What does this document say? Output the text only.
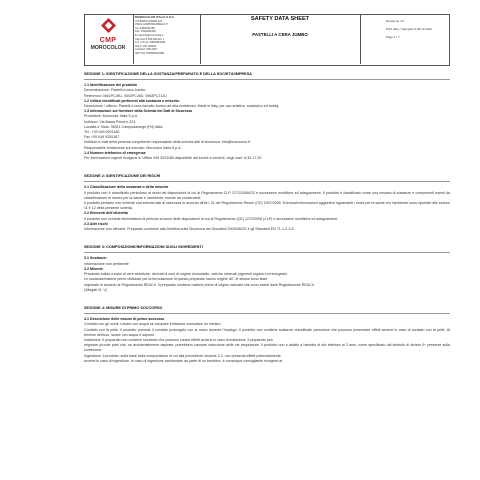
CMP
MOROCOLOR
MOROCOLOR ITALIA S.P.A.
VIA BARSA PRIMA 224
35011 CAMPODARSEGO P
Tel. 049/9201180
Fax. 049/9200187
E-mail:info@morocolor.it
Cap.Soc.€ 500.000,00 i.v.
C.F. e P.Iva: 00852910280
R.E.A. PD 184204
Cod.Eori: PD11367
VAT/TVA IT00852910280
SAFETY DATA SHEET
PASTELLI A CERA JUMBO
Revisione n.0
Print date / stampato 2.06.12.2021
Page 1 / 7
SEZIONE 1: IDENTIFICAZIONE DELLA SOSTANZA/PREPARATO E DELLA SOCIETÀ/IMPRESA
1.1 Identificazione del prodotto
Denominazione: Pastelli a cera Jumbo
Referenza: 0461PCJ6U, 0602PCJ6U, 0963PCJ12U
1.2 Utilizzi identificati pertinenti alla sostanza o miscela:
Descrizione / utilizzo: Pastelli a cera formato Jumbo,ad alta resistenza. Made in Italy, per uso artistico, scolastico ed hobby
1.3 Informazioni sul fornitore della Scheda dei Dati di Sicurezza
Produttore: Morocolor Italia S.p.A.
Indirizzo: Via Barsa Prima n.224
Località e Stato: 35011 Campodarsego (Pd) Italia
Tel.: +39 049 9201180
Fax +39 049 9200187
Indirizzo e-mail della persona competente responsabile della scheda dati di sicurezza: info@morocolor.it
Responsabile immissione sul mercato: Morocolor Italia S.p.A.
1.4 Numero telefonico di emergenza
Per informazioni urgenti rivolgersi a: Ufficio 049 9201180 disponibile dal lunedì a venerdì, negli orari: 8,30-17,30
SEZIONE 2: IDENTIFICAZIONE DEI RISCHI
2.1 Classificazione della sostanza o della miscela
Il prodotto non è classificato pericoloso ai sensi del disposizioni di cui al Regolamento CLP 1272/2008/CE e successive modifiche ed adeguamenti. Il prodotto è classificato come una miscela di sostanze e componenti esenti da classificazione di rischio per la salute e l'ambiente, esente da conservanti.
Il prodotto pertanto non richiede una scheda dati di sicurezza in accordo all'Art. 31 del Regolamento Reach (CE) 1907/2006. Eventuali informazioni aggiuntive riguardanti i rischi per la salute e/o l'ambiente sono riportate alle sezioni 11 e 12 della presente scheda.
2.2 Elementi dell'etichetta
Il prodotto non richiede etichettatura di pericolo ai sensi delle disposizioni di cui al Regolamento (CE) 1272/2008 (CLP) e successive modifiche ed adeguamenti.
2.3 Altri rischi
Informazione non rilevanti. Preparato conforme alla Direttiva sulla Sicurezza dei Giocattoli 2009/48/CE e gli Standard EN 71-1-2-3-8.
SEZIONE 3: COMPOSIZIONE/INFORMAZIONI SUGLI INGREDIENTI
3.1 Sostanze:
Informazione non pertinente
3.2 Miscele
Preparato solido a base di cere sintetiche, derivati di cere di origine rinnovabile, cariche minerali, pigmenti organici ed inorganici.
Le sostanze/materie prime utilizzate per la formulazione di questo preparato hanno origine UE, le stesse sono state
registrate in accordo al Regolamento REACh. Il preparato contiene materie prime di origine naturale che sono esenti dalla Registrazione REACh
(Allegati VI, V)
SEZIONE 4: MISURE DI PRIMO SOCCORSO
4.1 Descrizione delle misure di primo soccorso
Contatto con gli occhi: Lavare con acqua se compare irritazione consultare un medico.
Contatto con la pelle: Il prodotto prevede il contatto prolungato con la mano durante l'impiego. Il prodotto non contiene sostanze classificate pericolose che possono presentare effetti avversi in caso di contatto con la pelle. Al termine dell'uso, lavare con acqua e sapone.
Inalazione: Il preparato non contiene sostanze che possono creare effetti avversi in caso di inalazione. Il preparato può
originare piccole parti che, se accidentalmente aspirate, potrebbero causare ostruzione delle vie respiratorie. Il prodotto non è adatto a bambini di età inferiore ai 3 anni, come specificato dal simbolo di divieto 0+ presente sulla confezione.
Ingestione: Il prodotto, sulla base della composizione di cui alla precedente sezione 3.2, non presenta effetti potenzialmente
avversi in caso di ingestione. In caso di ingestione accidentale da parte di un bambino, è comunque consigliabile rivolgersi al
